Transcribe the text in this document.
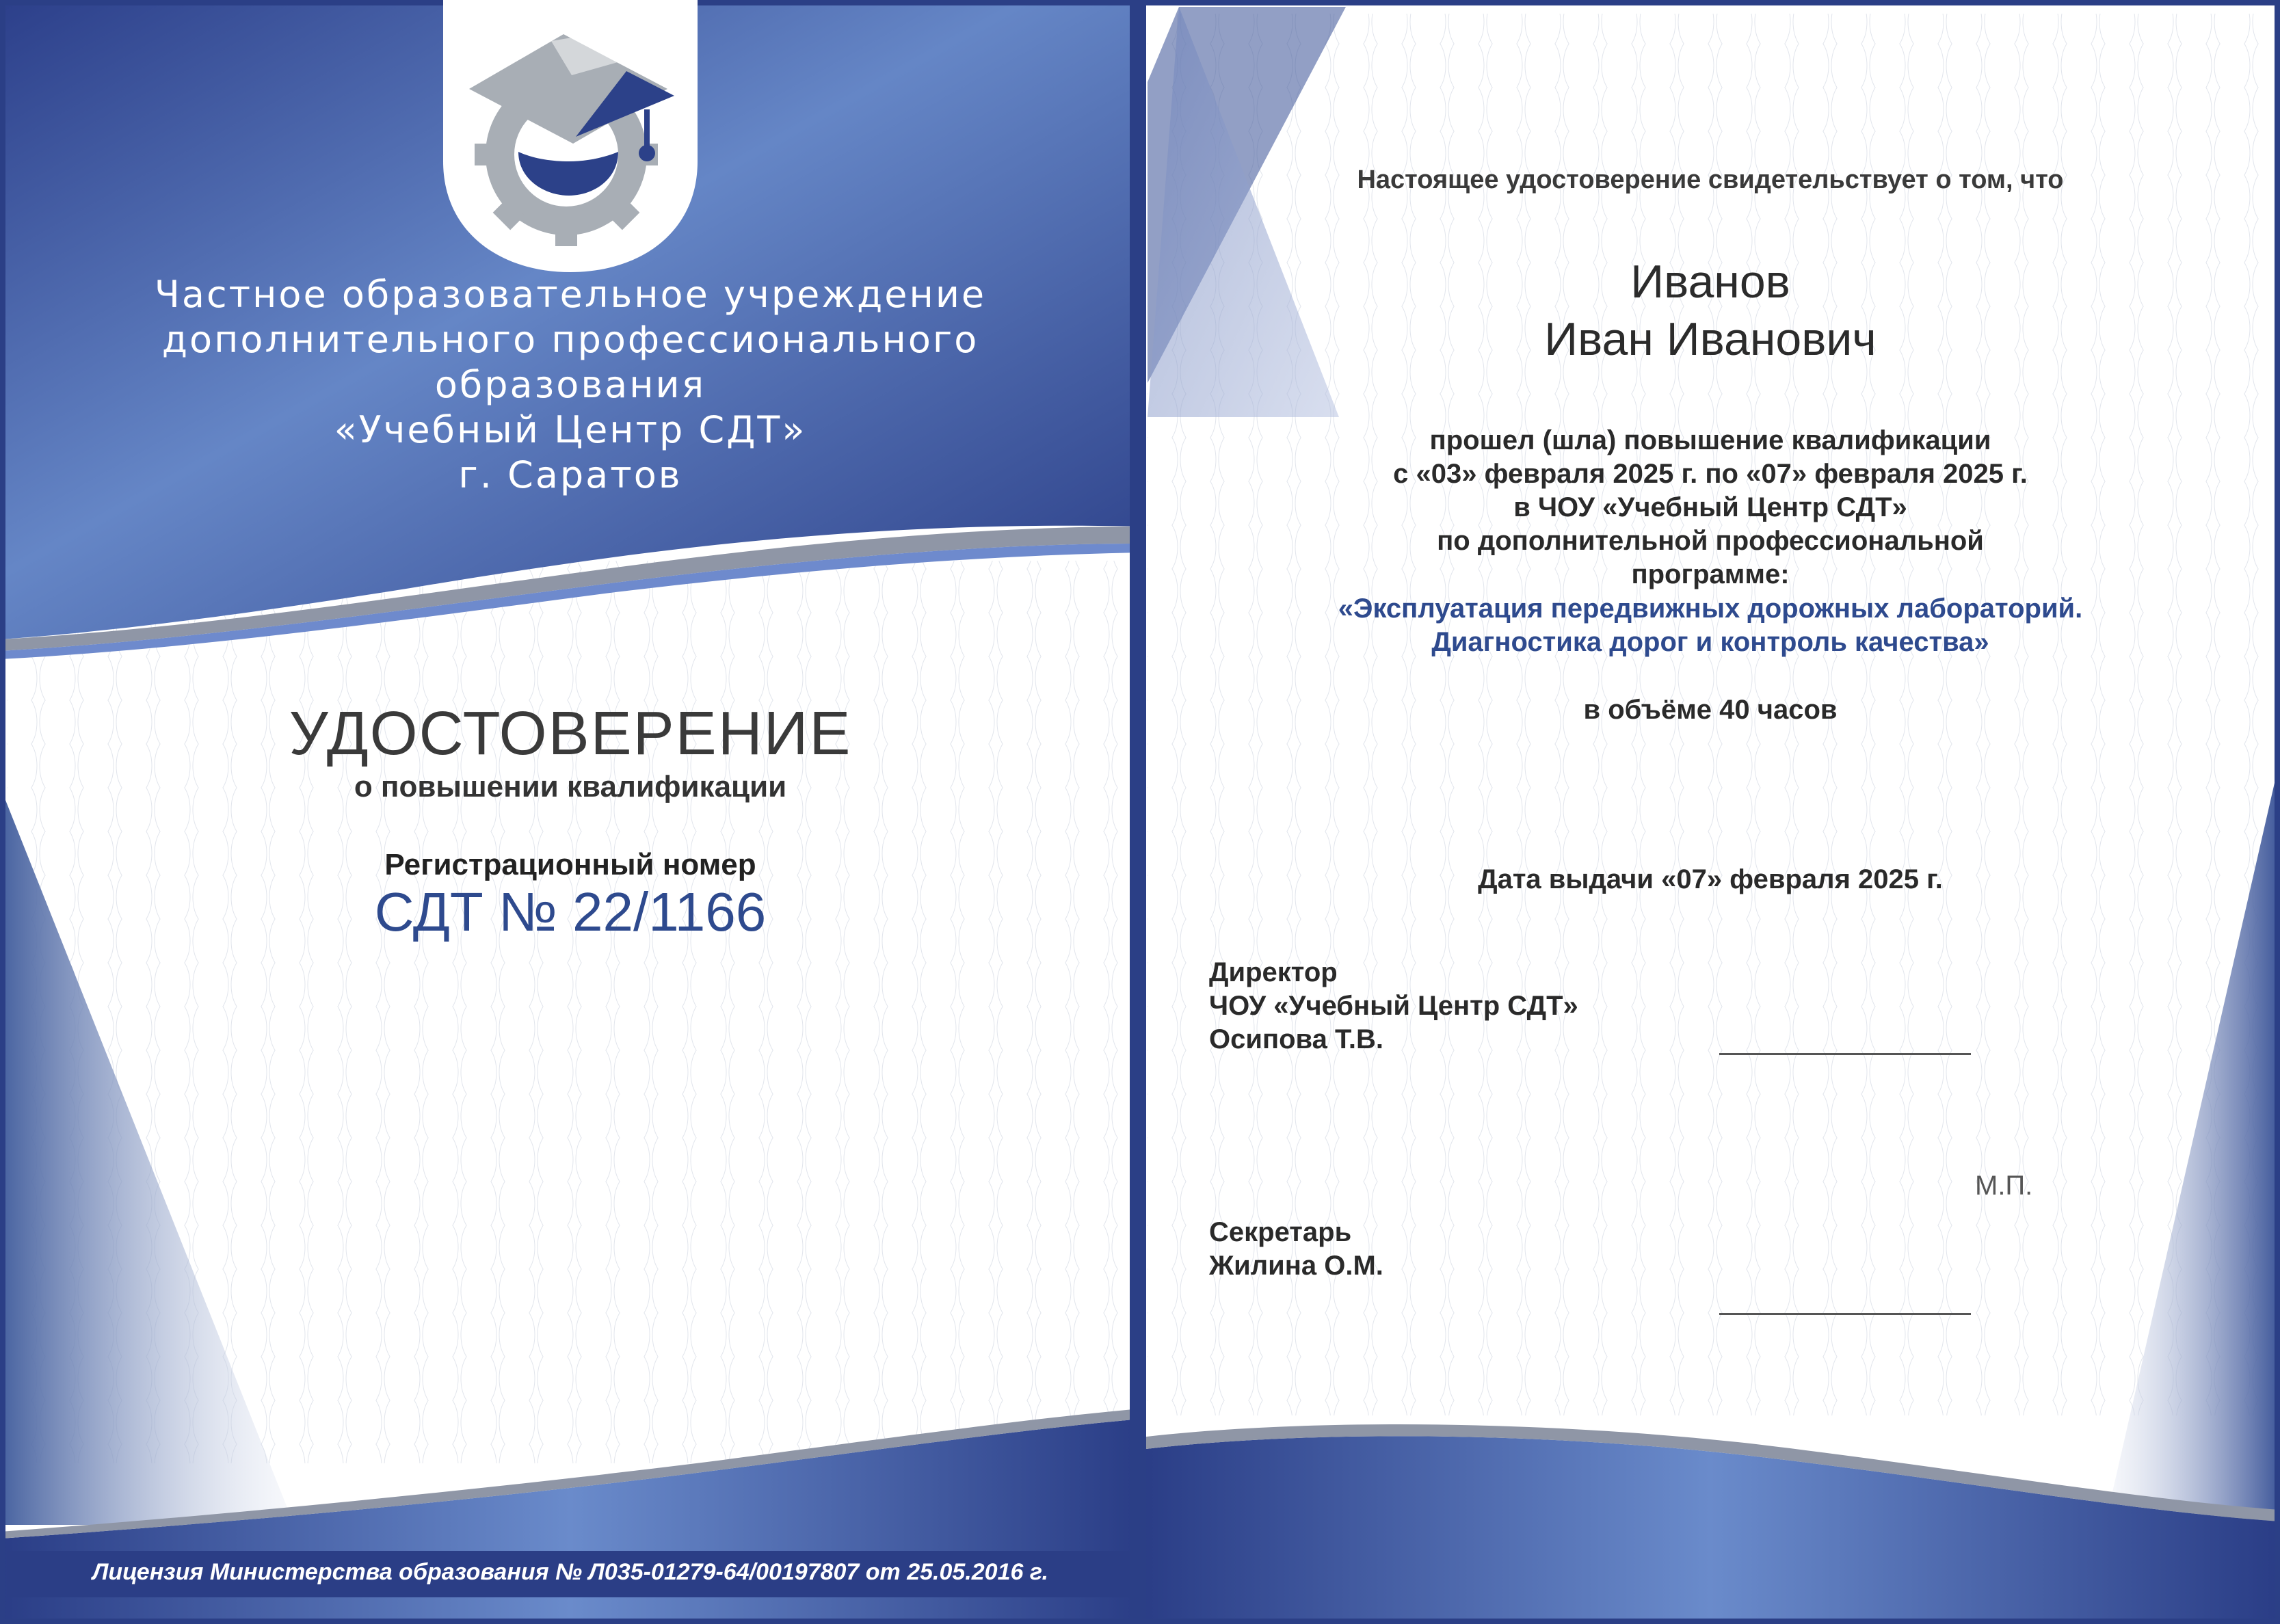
Частное образовательное учреждение
дополнительного профессионального
образования
«Учебный Центр СДТ»
г. Саратов
УДОСТОВЕРЕНИЕ
о повышении квалификации
Регистрационный номер
СДТ № 22/1166
Лицензия Министерства образования № Л035-01279-64/00197807 от 25.05.2016 г.
Настоящее удостоверение свидетельствует о том, что
Иванов
Иван Иванович
прошел (шла) повышение квалификации
с «03» февраля 2025 г. по «07» февраля 2025 г.
в ЧОУ «Учебный Центр СДТ»
по дополнительной профессиональной
программе:
«Эксплуатация передвижных дорожных лабораторий.
Диагностика дорог и контроль качества»
в объёме 40 часов
Дата выдачи «07» февраля 2025 г.
Директор
ЧОУ «Учебный Центр СДТ»
Осипова Т.В.
М.П.
Секретарь
Жилина О.М.
